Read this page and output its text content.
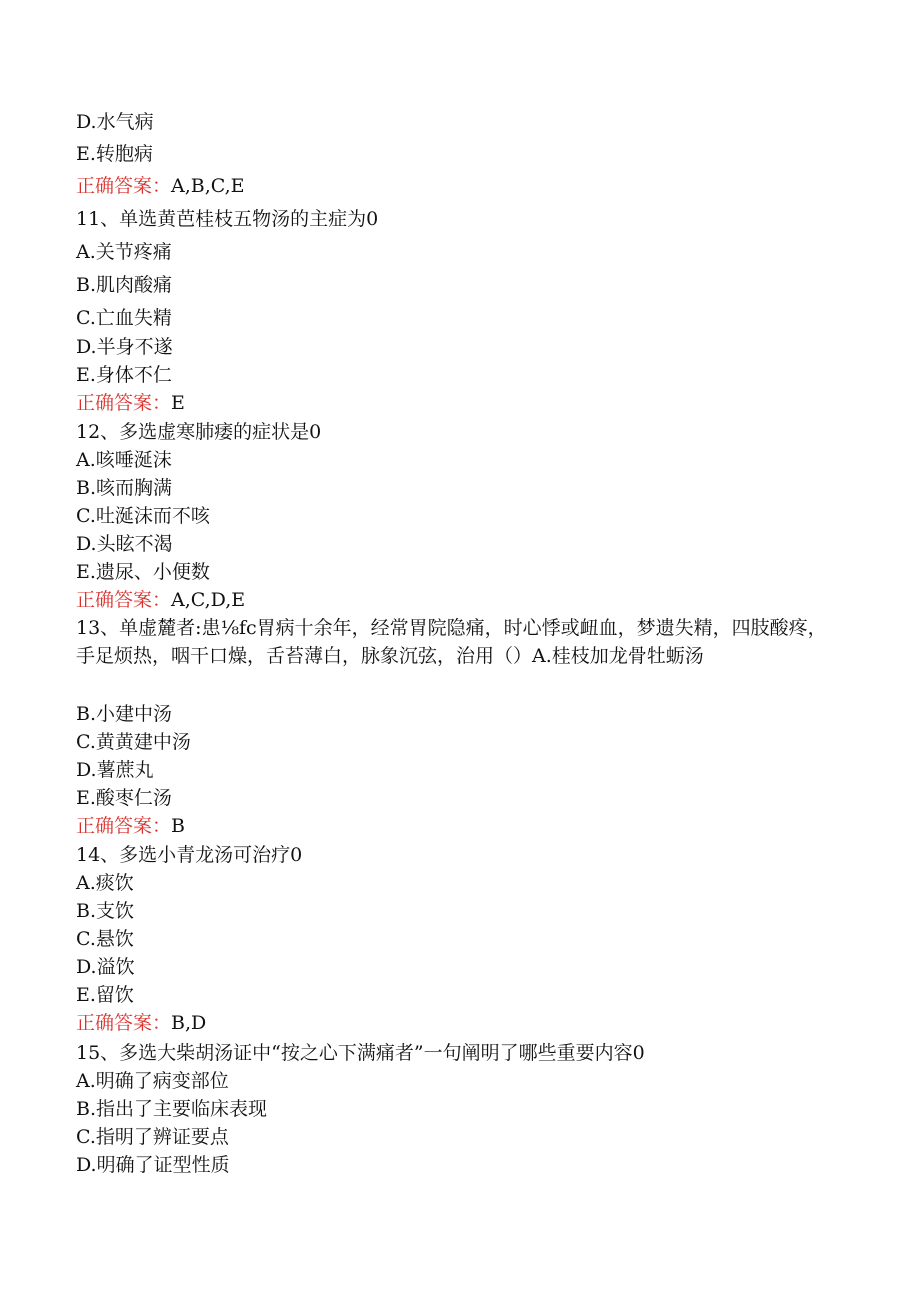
D.水气病
E.转胞病
正确答案：A,B,C,E
11、单选黄芭桂枝五物汤的主症为0
A.关节疼痛
B.肌肉酸痛
C.亡血失精
D.半身不遂
E.身体不仁
正确答案：E
12、多选虚寒肺痿的症状是0
A.咳唾涎沫
B.咳而胸满
C.吐涎沫而不咳
D.头眩不渴
E.遗尿、小便数
正确答案：A,C,D,E
13、单虚麓者:患⅛fc胃病十余年，经常胃院隐痛，时心悸或衄血，梦遗失精，四肢酸疼，手足烦热，咽干口燥，舌苔薄白，脉象沉弦，治用（）A.桂枝加龙骨牡蛎汤
B.小建中汤
C.黄黄建中汤
D.薯蔗丸
E.酸枣仁汤
正确答案：B
14、多选小青龙汤可治疗0
A.痰饮
B.支饮
C.悬饮
D.溢饮
E.留饮
正确答案：B,D
15、多选大柴胡汤证中“按之心下满痛者”一句阐明了哪些重要内容0
A.明确了病变部位
B.指出了主要临床表现
C.指明了辨证要点
D.明确了证型性质
